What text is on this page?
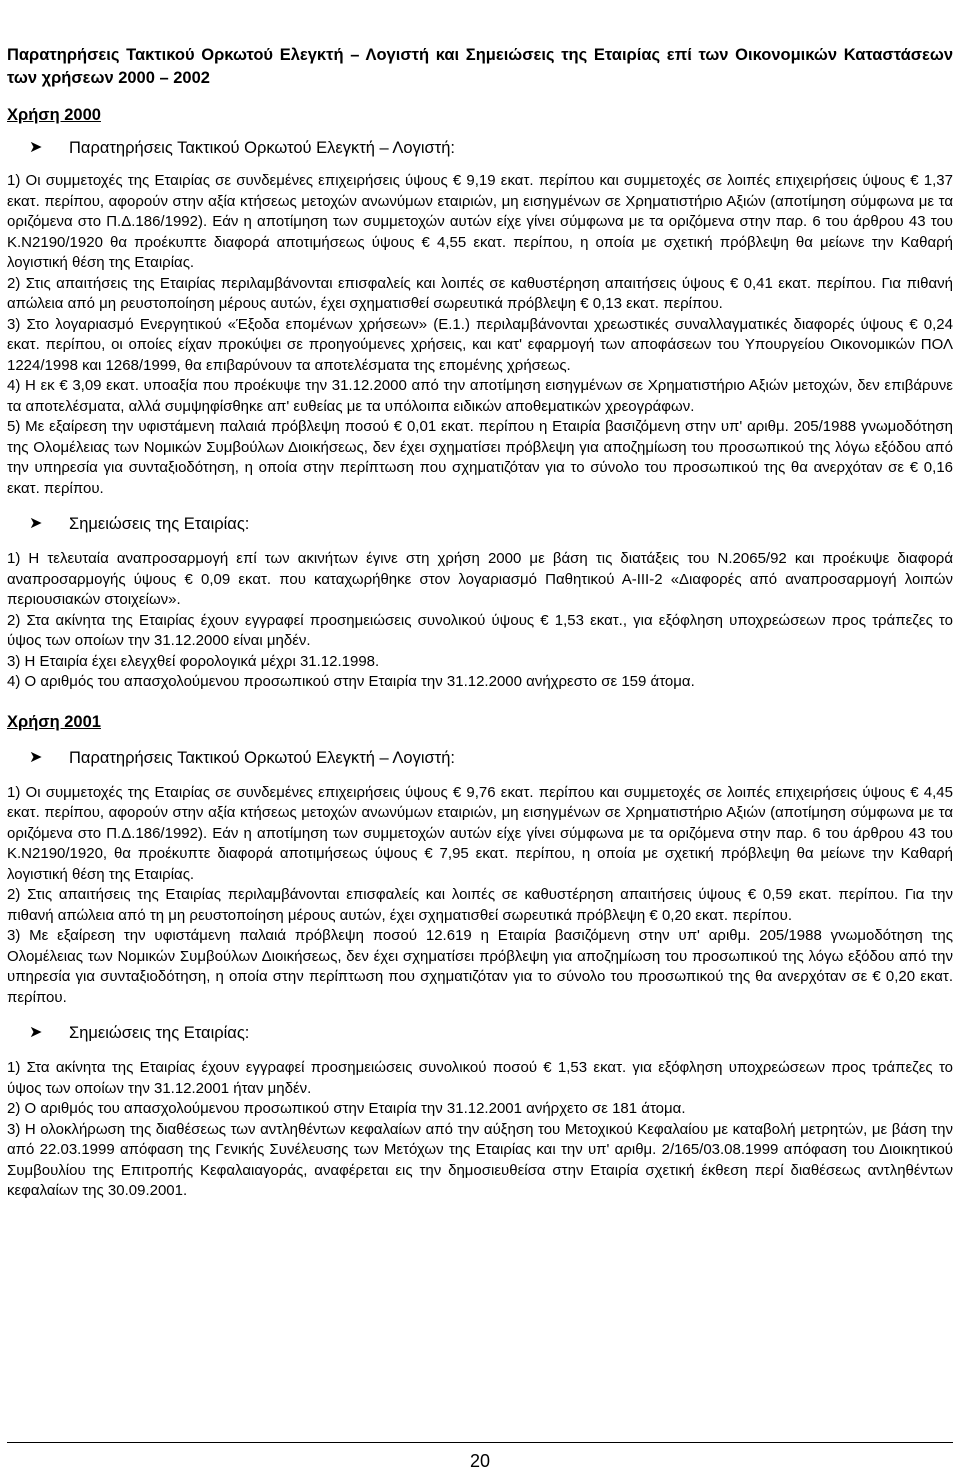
Παρατηρήσεις Τακτικού Ορκωτού Ελεγκτή – Λογιστή και Σημειώσεις της Εταιρίας επί των Οικονομικών Καταστάσεων των χρήσεων 2000 – 2002

Χρήση 2000

➤	Παρατηρήσεις Τακτικού Ορκωτού Ελεγκτή – Λογιστή:

1) Οι συμμετοχές της Εταιρίας σε συνδεμένες επιχειρήσεις ύψους € 9,19 εκατ. περίπου και συμμετοχές σε λοιπές επιχειρήσεις ύψους € 1,37 εκατ. περίπου, αφορούν στην αξία κτήσεως μετοχών ανωνύμων εταιριών, μη εισηγμένων σε Χρηματιστήριο Αξιών (αποτίμηση σύμφωνα με τα οριζόμενα στο Π.Δ.186/1992). Εάν η αποτίμηση των συμμετοχών αυτών είχε γίνει σύμφωνα με τα οριζόμενα στην παρ. 6 του άρθρου 43 του Κ.Ν2190/1920 θα προέκυπτε διαφορά αποτιμήσεως ύψους € 4,55 εκατ. περίπου, η οποία με σχετική πρόβλεψη θα μείωνε την Καθαρή λογιστική θέση της Εταιρίας.

2) Στις απαιτήσεις της Εταιρίας περιλαμβάνονται επισφαλείς και λοιπές σε καθυστέρηση απαιτήσεις ύψους € 0,41 εκατ. περίπου. Για πιθανή απώλεια από μη ρευστοποίηση μέρους αυτών, έχει σχηματισθεί σωρευτικά πρόβλεψη € 0,13 εκατ. περίπου.

3) Στο λογαριασμό Ενεργητικού «Έξοδα επομένων χρήσεων» (Ε.1.) περιλαμβάνονται χρεωστικές συναλλαγματικές διαφορές ύψους € 0,24 εκατ. περίπου, οι οποίες είχαν προκύψει σε προηγούμενες χρήσεις, και κατ' εφαρμογή των αποφάσεων του Υπουργείου Οικονομικών ΠΟΛ 1224/1998 και 1268/1999, θα επιβαρύνουν τα αποτελέσματα της επομένης χρήσεως.

4) Η εκ € 3,09 εκατ. υποαξία που προέκυψε την 31.12.2000 από την αποτίμηση εισηγμένων σε Χρηματιστήριο Αξιών μετοχών, δεν επιβάρυνε τα αποτελέσματα, αλλά συμψηφίσθηκε απ' ευθείας με τα υπόλοιπα ειδικών αποθεματικών χρεογράφων.

5) Με εξαίρεση την υφιστάμενη παλαιά πρόβλεψη ποσού € 0,01 εκατ. περίπου η Εταιρία βασιζόμενη στην υπ' αριθμ. 205/1988 γνωμοδότηση της Ολομέλειας των Νομικών Συμβούλων Διοικήσεως, δεν έχει σχηματίσει πρόβλεψη για αποζημίωση του προσωπικού της λόγω εξόδου από την υπηρεσία για συνταξιοδότηση, η οποία στην περίπτωση που σχηματιζόταν για το σύνολο του προσωπικού της θα ανερχόταν σε € 0,16 εκατ. περίπου.

➤	Σημειώσεις της Εταιρίας:

1) Η τελευταία αναπροσαρμογή επί των ακινήτων έγινε στη χρήση 2000 με βάση τις διατάξεις του Ν.2065/92 και προέκυψε διαφορά αναπροσαρμογής ύψους € 0,09 εκατ. που καταχωρήθηκε στον λογαριασμό Παθητικού Α-ΙΙΙ-2 «Διαφορές από αναπροσαρμογή λοιπών περιουσιακών στοιχείων».

2) Στα ακίνητα της Εταιρίας έχουν εγγραφεί προσημειώσεις συνολικού ύψους € 1,53 εκατ., για εξόφληση υποχρεώσεων προς τράπεζες το ύψος των οποίων την 31.12.2000 είναι μηδέν.

3) Η Εταιρία έχει ελεγχθεί φορολογικά μέχρι 31.12.1998.

4) Ο αριθμός του απασχολούμενου προσωπικού στην Εταιρία την 31.12.2000 ανήχρεστο σε 159 άτομα.

Χρήση 2001

➤	Παρατηρήσεις Τακτικού Ορκωτού Ελεγκτή – Λογιστή:

1) Οι συμμετοχές της Εταιρίας σε συνδεμένες επιχειρήσεις ύψους € 9,76 εκατ. περίπου και συμμετοχές σε λοιπές επιχειρήσεις ύψους € 4,45 εκατ. περίπου, αφορούν στην αξία κτήσεως μετοχών ανωνύμων εταιριών, μη εισηγμένων σε Χρηματιστήριο Αξιών (αποτίμηση σύμφωνα με τα οριζόμενα στο Π.Δ.186/1992). Εάν η αποτίμηση των συμμετοχών αυτών είχε γίνει σύμφωνα με τα οριζόμενα στην παρ. 6 του άρθρου 43 του Κ.Ν2190/1920, θα προέκυπτε διαφορά αποτιμήσεως ύψους € 7,95 εκατ. περίπου, η οποία με σχετική πρόβλεψη θα μείωνε την Καθαρή λογιστική θέση της Εταιρίας.

2) Στις απαιτήσεις της Εταιρίας περιλαμβάνονται επισφαλείς και λοιπές σε καθυστέρηση απαιτήσεις ύψους € 0,59 εκατ. περίπου. Για την πιθανή απώλεια από τη μη ρευστοποίηση μέρους αυτών, έχει σχηματισθεί σωρευτικά πρόβλεψη € 0,20 εκατ. περίπου.

3) Με εξαίρεση την υφιστάμενη παλαιά πρόβλεψη ποσού 12.619 η Εταιρία βασιζόμενη στην υπ' αριθμ. 205/1988 γνωμοδότηση της Ολομέλειας των Νομικών Συμβούλων Διοικήσεως, δεν έχει σχηματίσει πρόβλεψη για αποζημίωση του προσωπικού της λόγω εξόδου από την υπηρεσία για συνταξιοδότηση, η οποία στην περίπτωση που σχηματιζόταν για το σύνολο του προσωπικού της θα ανερχόταν σε € 0,20 εκατ. περίπου.

➤	Σημειώσεις της Εταιρίας:

1) Στα ακίνητα της Εταιρίας έχουν εγγραφεί προσημειώσεις συνολικού ποσού € 1,53 εκατ. για εξόφληση υποχρεώσεων προς τράπεζες το ύψος των οποίων την 31.12.2001 ήταν μηδέν.

2) Ο αριθμός του απασχολούμενου προσωπικού στην Εταιρία την 31.12.2001 ανήρχετο σε 181 άτομα.

3) Η ολοκλήρωση της διαθέσεως των αντληθέντων κεφαλαίων από την αύξηση του Μετοχικού Κεφαλαίου με καταβολή μετρητών, με βάση την από 22.03.1999 απόφαση της Γενικής Συνέλευσης των Μετόχων της Εταιρίας και την υπ' αριθμ. 2/165/03.08.1999 απόφαση του Διοικητικού Συμβουλίου της Επιτροπής Κεφαλαιαγοράς, αναφέρεται εις την δημοσιευθείσα στην Εταιρία σχετική έκθεση περί διαθέσεως αντληθέντων κεφαλαίων της 30.09.2001.

20
